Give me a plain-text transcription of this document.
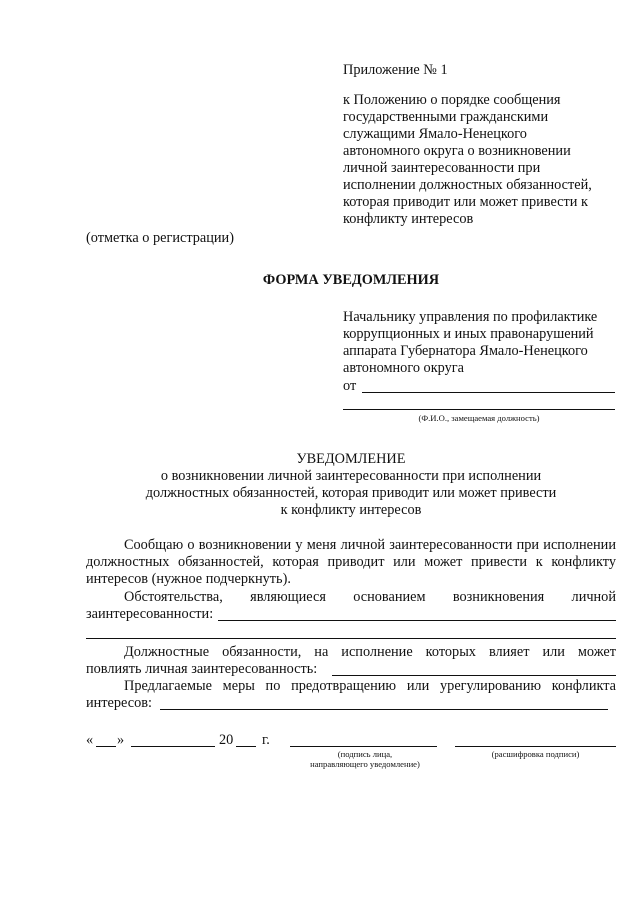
Приложение № 1
к Положению о порядке сообщения
государственными гражданскими
служащими Ямало-Ненецкого
автономного округа о возникновении
личной заинтересованности при
исполнении должностных обязанностей,
которая приводит или может привести к
конфликту интересов
(отметка о регистрации)
ФОРМА УВЕДОМЛЕНИЯ
Начальнику управления по профилактике
коррупционных и иных правонарушений
аппарата Губернатора Ямало-Ненецкого
автономного округа
от
(Ф.И.О., замещаемая должность)
УВЕДОМЛЕНИЕ
о возникновении личной заинтересованности при исполнении
должностных обязанностей, которая приводит или может привести
к конфликту интересов
Сообщаю о возникновении у меня личной заинтересованности при исполнении должностных обязанностей, которая приводит или может привести к конфликту интересов (нужное подчеркнуть).
Обстоятельства, являющиеся основанием возникновения личной
заинтересованности:
Должностные обязанности, на исполнение которых влияет или может
повлиять личная заинтересованность:
Предлагаемые меры по предотвращению или урегулированию конфликта
интересов:
« »	20 г.
(подпись лица,
направляющего уведомление)
(расшифровка подписи)
